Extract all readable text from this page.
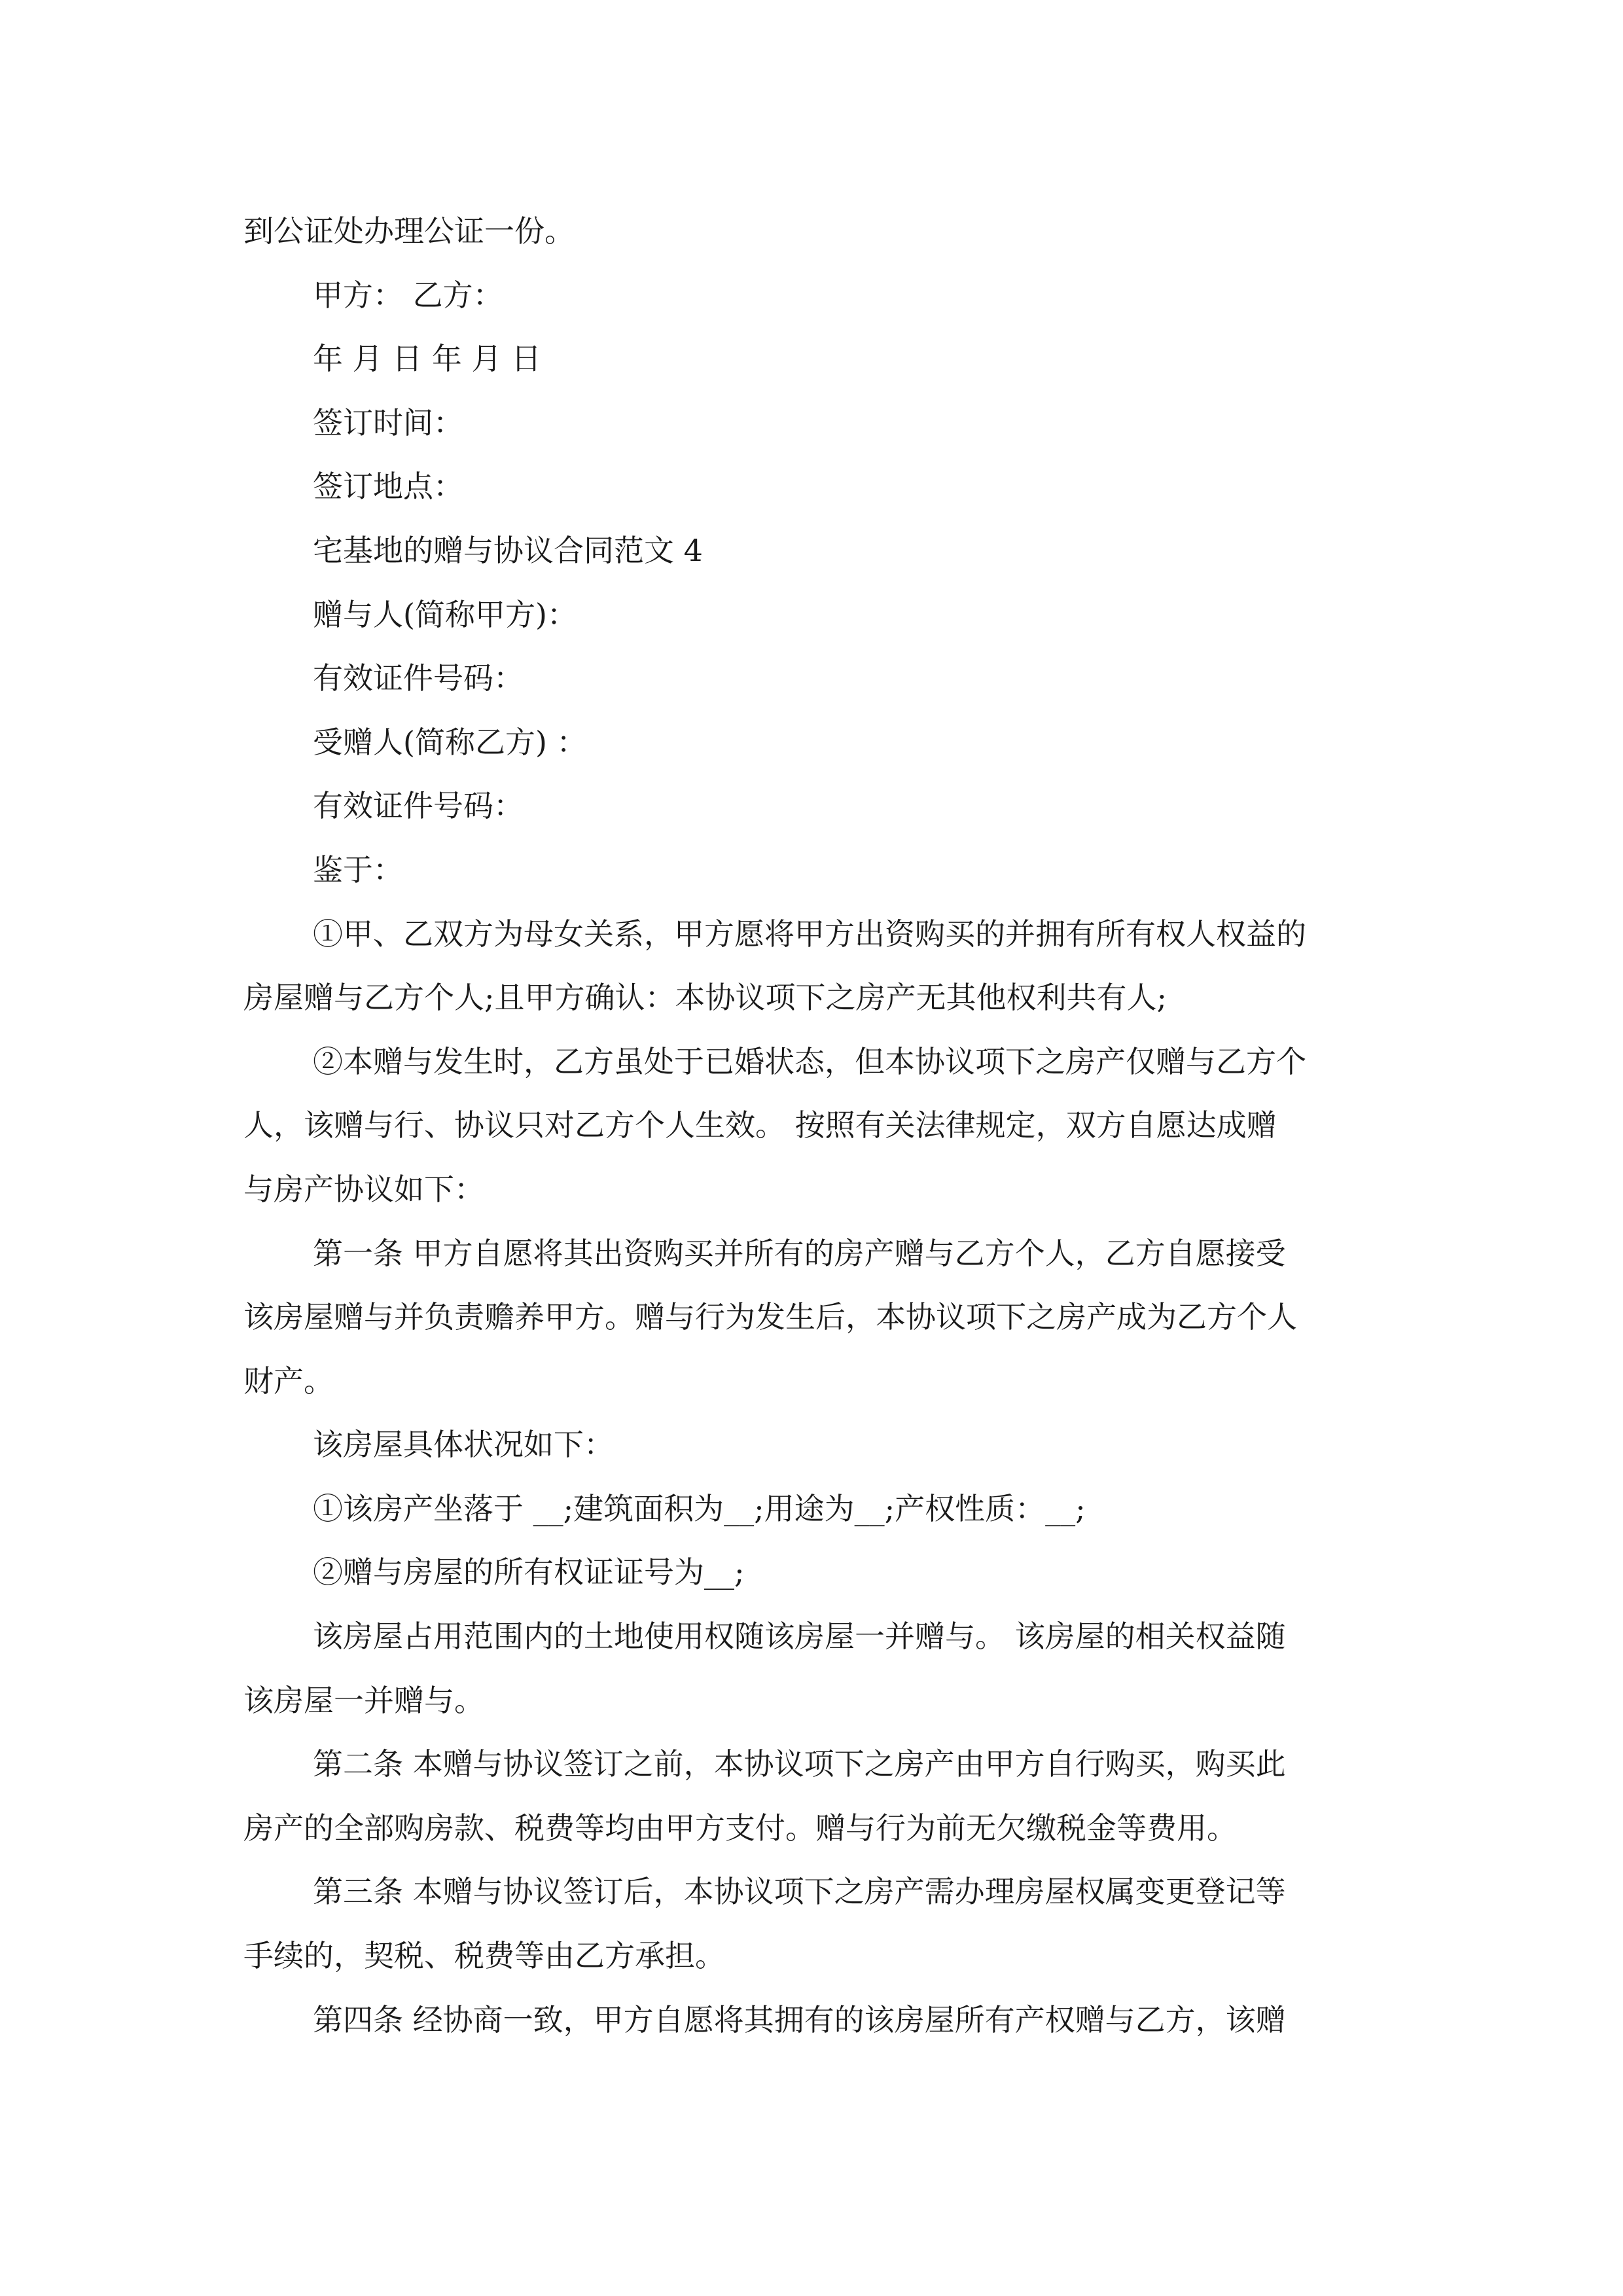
到公证处办理公证一份。
甲方： 乙方：
年 月 日 年 月 日
签订时间：
签订地点：
宅基地的赠与协议合同范文 4
赠与人(简称甲方)：
有效证件号码：
受赠人(简称乙方) ：
有效证件号码：
鉴于：
①甲、乙双方为母女关系，甲方愿将甲方出资购买的并拥有所有权人权益的
房屋赠与乙方个人;且甲方确认：本协议项下之房产无其他权利共有人;
②本赠与发生时，乙方虽处于已婚状态，但本协议项下之房产仅赠与乙方个
人，该赠与行、协议只对乙方个人生效。 按照有关法律规定，双方自愿达成赠
与房产协议如下：
第一条 甲方自愿将其出资购买并所有的房产赠与乙方个人，乙方自愿接受
该房屋赠与并负责赡养甲方。赠与行为发生后，本协议项下之房产成为乙方个人
财产。
该房屋具体状况如下：
①该房产坐落于 __;建筑面积为__;用途为__;产权性质：__;
②赠与房屋的所有权证证号为__;
该房屋占用范围内的土地使用权随该房屋一并赠与。 该房屋的相关权益随
该房屋一并赠与。
第二条 本赠与协议签订之前，本协议项下之房产由甲方自行购买，购买此
房产的全部购房款、税费等均由甲方支付。赠与行为前无欠缴税金等费用。
第三条 本赠与协议签订后，本协议项下之房产需办理房屋权属变更登记等
手续的，契税、税费等由乙方承担。
第四条 经协商一致，甲方自愿将其拥有的该房屋所有产权赠与乙方，该赠
